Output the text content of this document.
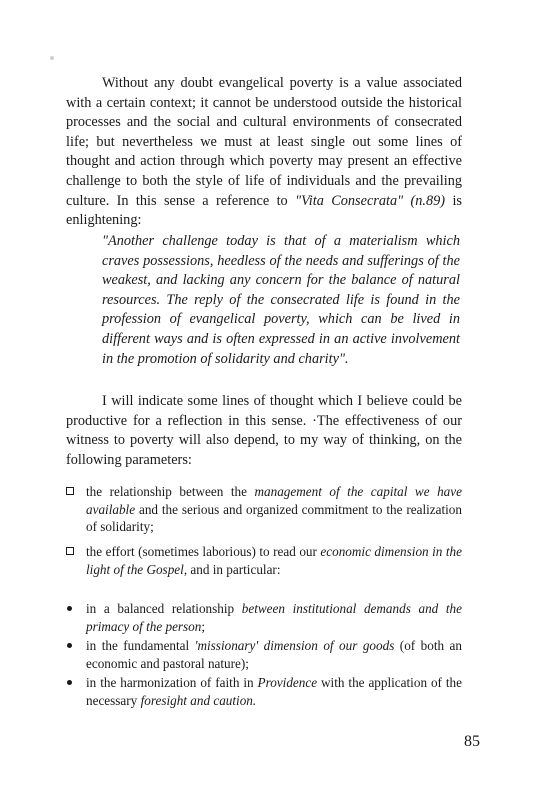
Without any doubt evangelical poverty is a value associated with a certain context; it cannot be understood outside the historical processes and the social and cultural environments of consecrated life; but nevertheless we must at least single out some lines of thought and action through which poverty may present an effective challenge to both the style of life of individuals and the prevailing culture. In this sense a reference to "Vita Consecrata" (n.89) is enlightening:

"Another challenge today is that of a materialism which craves possessions, heedless of the needs and sufferings of the weakest, and lacking any concern for the balance of natural resources. The reply of the consecrated life is found in the profession of evangelical poverty, which can be lived in different ways and is often expressed in an active involvement in the promotion of solidarity and charity".

I will indicate some lines of thought which I believe could be productive for a reflection in this sense. ·The effectiveness of our witness to poverty will also depend, to my way of thinking, on the following parameters:

the relationship between the management of the capital we have available and the serious and organized commitment to the realization of solidarity;
the effort (sometimes laborious) to read our economic dimension in the light of the Gospel, and in particular:
in a balanced relationship between institutional demands and the primacy of the person;
in the fundamental 'missionary' dimension of our goods (of both an economic and pastoral nature);
in the harmonization of faith in Providence with the application of the necessary foresight and caution.
85
